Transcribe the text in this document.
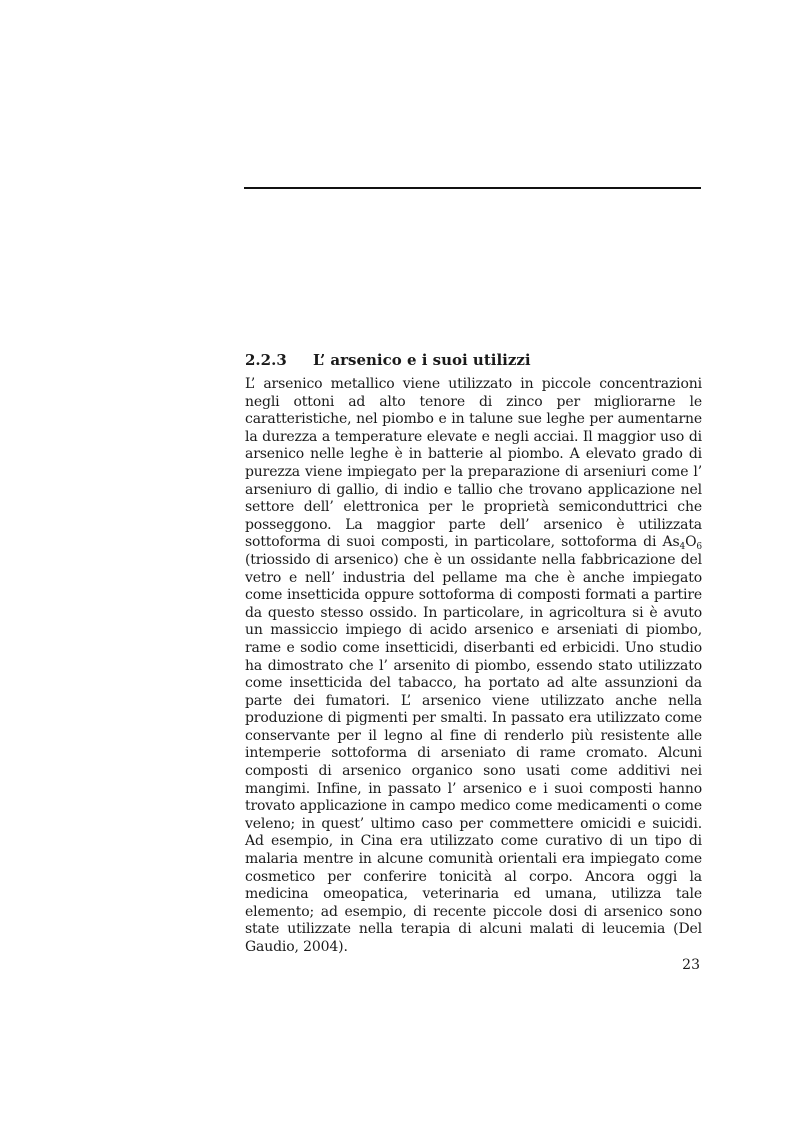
2.2.3 L’ arsenico e i suoi utilizzi
L’ arsenico metallico viene utilizzato in piccole concentrazioni negli ottoni ad alto tenore di zinco per migliorarne le caratteristiche, nel piombo e in talune sue leghe per aumentarne la durezza a temperature elevate e negli acciai. Il maggior uso di arsenico nelle leghe è in batterie al piombo. A elevato grado di purezza viene impiegato per la preparazione di arseniuri come l’ arseniuro di gallio, di indio e tallio che trovano applicazione nel settore dell’ elettronica per le proprietà semiconduttrici che posseggono. La maggior parte dell’ arsenico è utilizzata sottoforma di suoi composti, in particolare, sottoforma di $As_4O_6$ (triossido di arsenico) che è un ossidante nella fabbricazione del vetro e nell’ industria del pellame ma che è anche impiegato come insetticida oppure sottoforma di composti formati a partire da questo stesso ossido. In particolare, in agricoltura si è avuto un massiccio impiego di acido arsenico e arseniati di piombo, rame e sodio come insetticidi, diserbanti ed erbicidi. Uno studio ha dimostrato che l’ arsenito di piombo, essendo stato utilizzato come insetticida del tabacco, ha portato ad alte assunzioni da parte dei fumatori. L’ arsenico viene utilizzato anche nella produzione di pigmenti per smalti. In passato era utilizzato come conservante per il legno al fine di renderlo più resistente alle intemperie sottoforma di arseniato di rame cromato. Alcuni composti di arsenico organico sono usati come additivi nei mangimi. Infine, in passato l’ arsenico e i suoi composti hanno trovato applicazione in campo medico come medicamenti o come veleno; in quest’ ultimo caso per commettere omicidi e suicidi. Ad esempio, in Cina era utilizzato come curativo di un tipo di malaria mentre in alcune comunità orientali era impiegato come cosmetico per conferire tonicità al corpo. Ancora oggi la medicina omeopatica, veterinaria ed umana, utilizza tale elemento; ad esempio, di recente piccole dosi di arsenico sono state utilizzate nella terapia di alcuni malati di leucemia (Del Gaudio, 2004).
23
